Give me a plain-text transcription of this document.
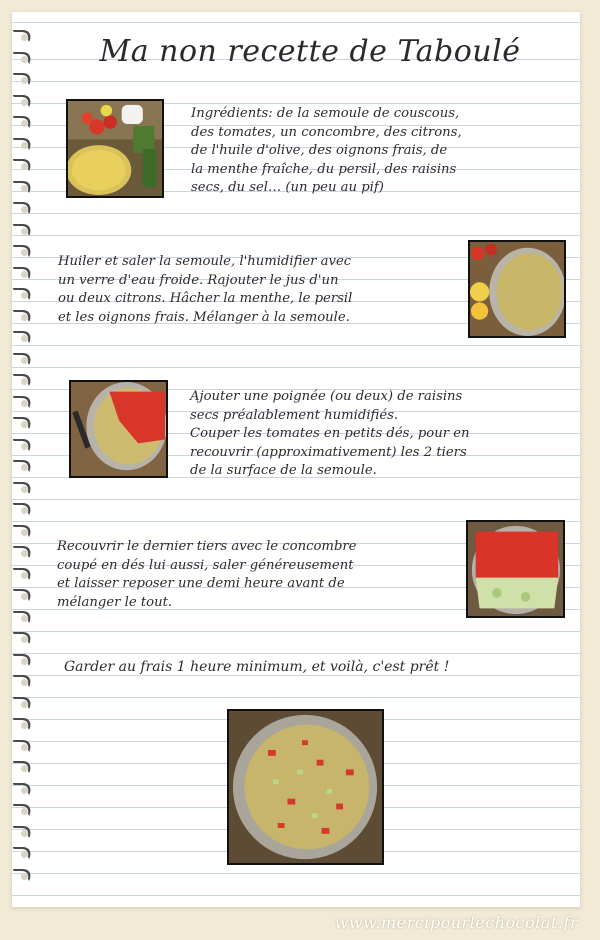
Ma non recette de Taboulé
Ingrédients: de la semoule de couscous,
des tomates, un concombre, des citrons,
de l'huile d'olive, des oignons frais, de
la menthe fraîche, du persil, des raisins
secs, du sel… (un peu au pif)
Huiler et saler la semoule, l'humidifier avec
un verre d'eau froide. Rajouter le jus d'un
ou deux citrons. Hâcher la menthe, le persil
et les oignons frais. Mélanger à la semoule.
Ajouter une poignée (ou deux) de raisins
secs préalablement humidifiés.
Couper les tomates en petits dés, pour en
recouvrir (approximativement) les 2 tiers
de la surface de la semoule.
Recouvrir le dernier tiers avec le concombre
coupé en dés lui aussi, saler généreusement
et laisser reposer une demi heure avant de
mélanger le tout.
Garder au frais 1 heure minimum, et voilà, c'est prêt !
www.mercipourlechocolat.fr
